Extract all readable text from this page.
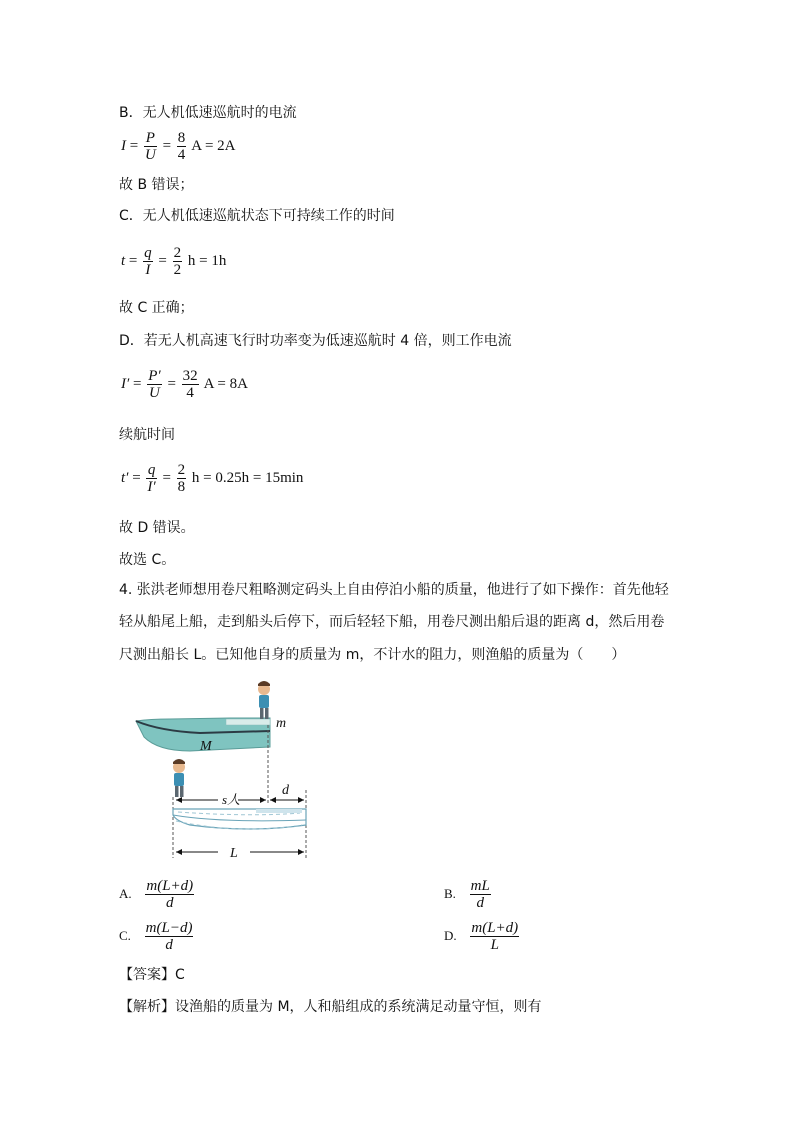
B．无人机低速巡航时的电流
$I = \frac{P}{U} = \frac{8}{4}$ A = 2A
故 B 错误；
C．无人机低速巡航状态下可持续工作的时间
$t = \frac{q}{I} = \frac{2}{2}$ h = 1h
故 C 正确；
D．若无人机高速飞行时功率变为低速巡航时 4 倍，则工作电流
$I' = \frac{P'}{U} = \frac{32}{4}$ A = 8A
续航时间
$t' = \frac{q}{I'} = \frac{2}{8}$ h = 0.25h = 15min
故 D 错误。
故选 C。
4. 张洪老师想用卷尺粗略测定码头上自由停泊小船的质量，他进行了如下操作：首先他轻
轻从船尾上船，走到船头后停下，而后轻轻下船，用卷尺测出船后退的距离 d，然后用卷
尺测出船长 L。已知他自身的质量为 m，不计水的阻力，则渔船的质量为（　　）
m
M
s人
d
L
A. $\frac{m(L+d)}{d}$	B. $\frac{mL}{d}$
C. $\frac{m(L-d)}{d}$	D. $\frac{m(L+d)}{L}$
【答案】C
【解析】设渔船的质量为 M，人和船组成的系统满足动量守恒，则有
